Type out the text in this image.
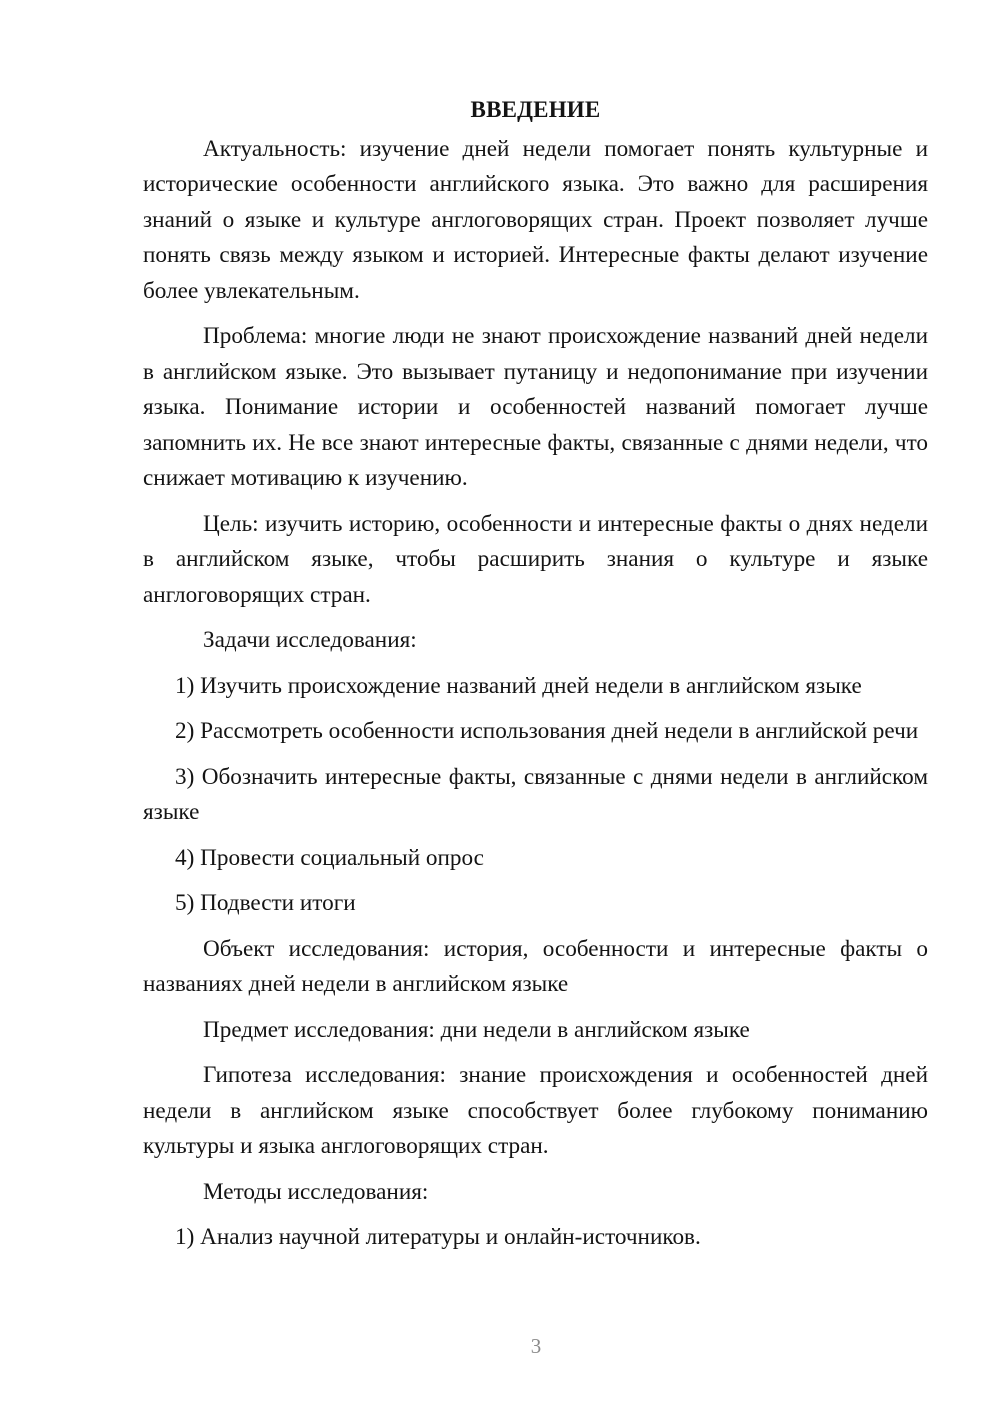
ВВЕДЕНИЕ

Актуальность: изучение дней недели помогает понять культурные и исторические особенности английского языка. Это важно для расширения знаний о языке и культуре англоговорящих стран. Проект позволяет лучше понять связь между языком и историей. Интересные факты делают изучение более увлекательным.

Проблема: многие люди не знают происхождение названий дней недели в английском языке. Это вызывает путаницу и недопонимание при изучении языка. Понимание истории и особенностей названий помогает лучше запомнить их. Не все знают интересные факты, связанные с днями недели, что снижает мотивацию к изучению.

Цель: изучить историю, особенности и интересные факты о днях недели в английском языке, чтобы расширить знания о культуре и языке англоговорящих стран.

Задачи исследования:

1) Изучить происхождение названий дней недели в английском языке

2) Рассмотреть особенности использования дней недели в английской речи

3) Обозначить интересные факты, связанные с днями недели в английском языке

4) Провести социальный опрос

5) Подвести итоги

Объект исследования: история, особенности и интересные факты о названиях дней недели в английском языке

Предмет исследования: дни недели в английском языке

Гипотеза исследования: знание происхождения и особенностей дней недели в английском языке способствует более глубокому пониманию культуры и языка англоговорящих стран.

Методы исследования:

1) Анализ научной литературы и онлайн-источников.

3
